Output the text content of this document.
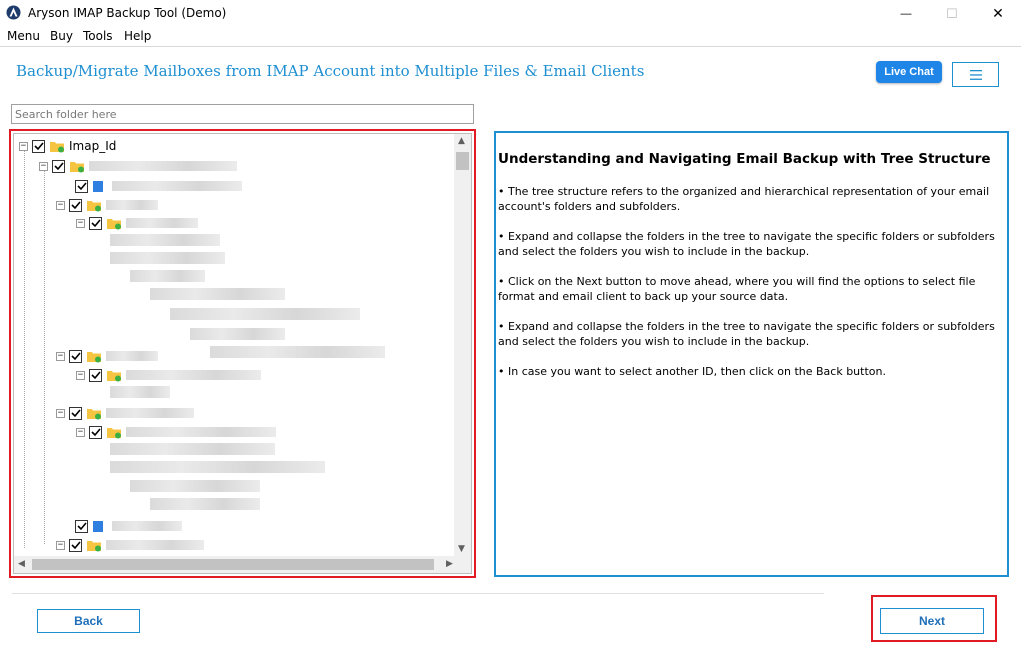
Aryson IMAP Backup Tool (Demo)	—	☐ ✕
Menu Buy Tools Help
Backup/Migrate Mailboxes from IMAP Account into Multiple Files & Email Clients	Live Chat
Search folder here
−	Imap_Id
−
−
−
−
−
−
−
−
▲
▼
◀	▶
Understanding and Navigating Email Backup with Tree Structure

• The tree structure refers to the organized and hierarchical representation of your email account's folders and subfolders.

• Expand and collapse the folders in the tree to navigate the specific folders or subfolders and select the folders you wish to include in the backup.

• Click on the Next button to move ahead, where you will find the options to select file format and email client to back up your source data.

• Expand and collapse the folders in the tree to navigate the specific folders or subfolders and select the folders you wish to include in the backup.

• In case you want to select another ID, then click on the Back button.

Back	Next
